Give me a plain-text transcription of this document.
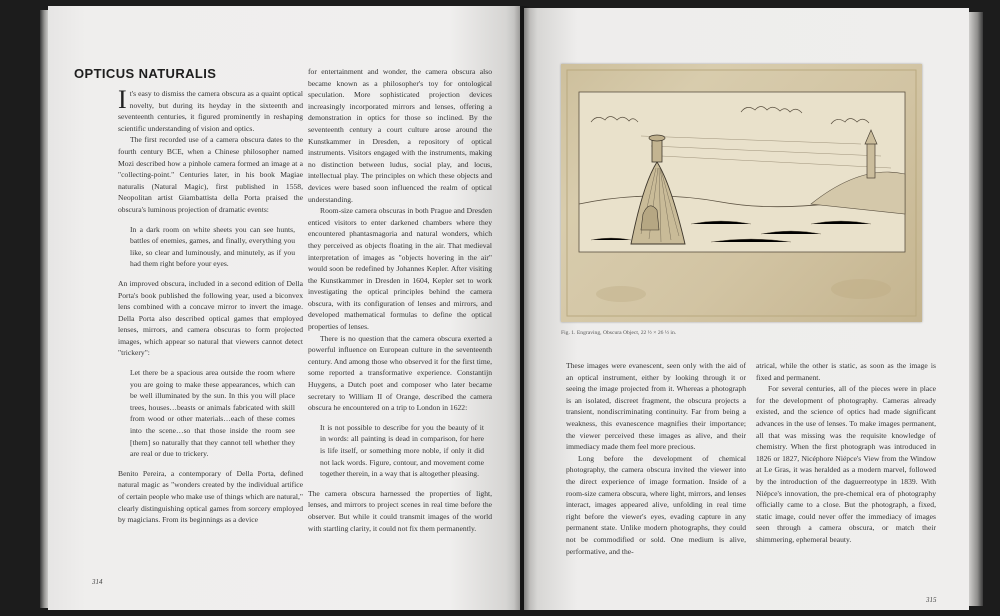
OPTICUS NATURALIS

It's easy to dismiss the camera obscura as a quaint optical novelty, but during its heyday in the sixteenth and seventeenth centuries, it figured prominently in reshaping scientific understanding of vision and optics.

The first recorded use of a camera obscura dates to the fourth century BCE, when a Chinese philosopher named Mozi described how a pinhole camera formed an image at a "collecting-point." Centuries later, in his book Magiae naturalis (Natural Magic), first published in 1558, Neopolitan artist Giambattista della Porta praised the obscura's luminous projection of dramatic events:

In a dark room on white sheets you can see hunts, battles of enemies, games, and finally, everything you like, so clear and luminously, and minutely, as if you had them right before your eyes.

An improved obscura, included in a second edition of Della Porta's book published the following year, used a biconvex lens combined with a concave mirror to invert the image. Della Porta also described optical games that employed lenses, mirrors, and camera obscuras to form projected images, which appear so natural that viewers cannot detect "trickery":

Let there be a spacious area outside the room where you are going to make these appearances, which can be well illuminated by the sun. In this you will place trees, houses…beasts or animals fabricated with skill from wood or other materials…each of these comes into the scene…so that those inside the room see [them] so naturally that they cannot tell whether they are real or due to trickery.

Benito Pereira, a contemporary of Della Porta, defined natural magic as "wonders created by the individual artifice of certain people who make use of things which are natural," clearly distinguishing optical games from sorcery employed by magicians. From its beginnings as a device

for entertainment and wonder, the camera obscura also became known as a philosopher's toy for ontological speculation. More sophisticated projection devices increasingly incorporated mirrors and lenses, offering a demonstration in optics for those so inclined. By the seventeenth century a court culture arose around the Kunstkammer in Dresden, a repository of optical instruments. Visitors engaged with the instruments, making no distinction between ludus, social play, and locus, intellectual play. The principles on which these objects and devices were based soon influenced the realm of optical understanding.

Room-size camera obscuras in both Prague and Dresden enticed visitors to enter darkened chambers where they encountered phantasmagoria and natural wonders, which they perceived as objects floating in the air. That medieval interpretation of images as "objects hovering in the air" would soon be redefined by Johannes Kepler. After visiting the Kunstkammer in Dresden in 1604, Kepler set to work investigating the optical principles behind the camera obscura, with its configuration of lenses and mirrors, and developed mathematical formulas to define the optical properties of lenses.

There is no question that the camera obscura exerted a powerful influence on European culture in the seventeenth century. And among those who observed it for the first time, some reported a transformative experience. Constantijn Huygens, a Dutch poet and composer who later became secretary to William II of Orange, described the camera obscura he encountered on a trip to London in 1622:

It is not possible to describe for you the beauty of it in words: all painting is dead in comparison, for here is life itself, or something more noble, if only it did not lack words. Figure, contour, and movement come together therein, in a way that is altogether pleasing.

The camera obscura harnessed the properties of light, lenses, and mirrors to project scenes in real time before the observer. But while it could transmit images of the world with startling clarity, it could not fix them permanently.

314
Fig. 1. Engraving, Obscura Object, 22 ½ × 26 ½ in.

These images were evanescent, seen only with the aid of an optical instrument, either by looking through it or seeing the image projected from it. Whereas a photograph is an isolated, discreet fragment, the obscura projects a transient, nondiscriminating continuity. Far from being a weakness, this evanescence magnifies their importance; the viewer perceived these images as alive, and their immediacy made them feel more precious.

Long before the development of chemical photography, the camera obscura invited the viewer into the direct experience of image formation. Inside of a room-size camera obscura, where light, mirrors, and lenses interact, images appeared alive, unfolding in real time right before the viewer's eyes, evading capture in any permanent state. Unlike modern photographs, they could not be commodified or sold. One medium is alive, performative, and the-

atrical, while the other is static, as soon as the image is fixed and permanent.

For several centuries, all of the pieces were in place for the development of photography. Cameras already existed, and the science of optics had made significant advances in the use of lenses. To make images permanent, all that was missing was the requisite knowledge of chemistry. When the first photograph was introduced in 1826 or 1827, Nicéphore Niépce's View from the Window at Le Gras, it was heralded as a modern marvel, followed by the introduction of the daguerreotype in 1839. With Niépce's innovation, the pre-chemical era of photography officially came to a close. But the photograph, a fixed, static image, could never offer the immediacy of images seen through a camera obscura, or match their shimmering, ephemeral beauty.

315
